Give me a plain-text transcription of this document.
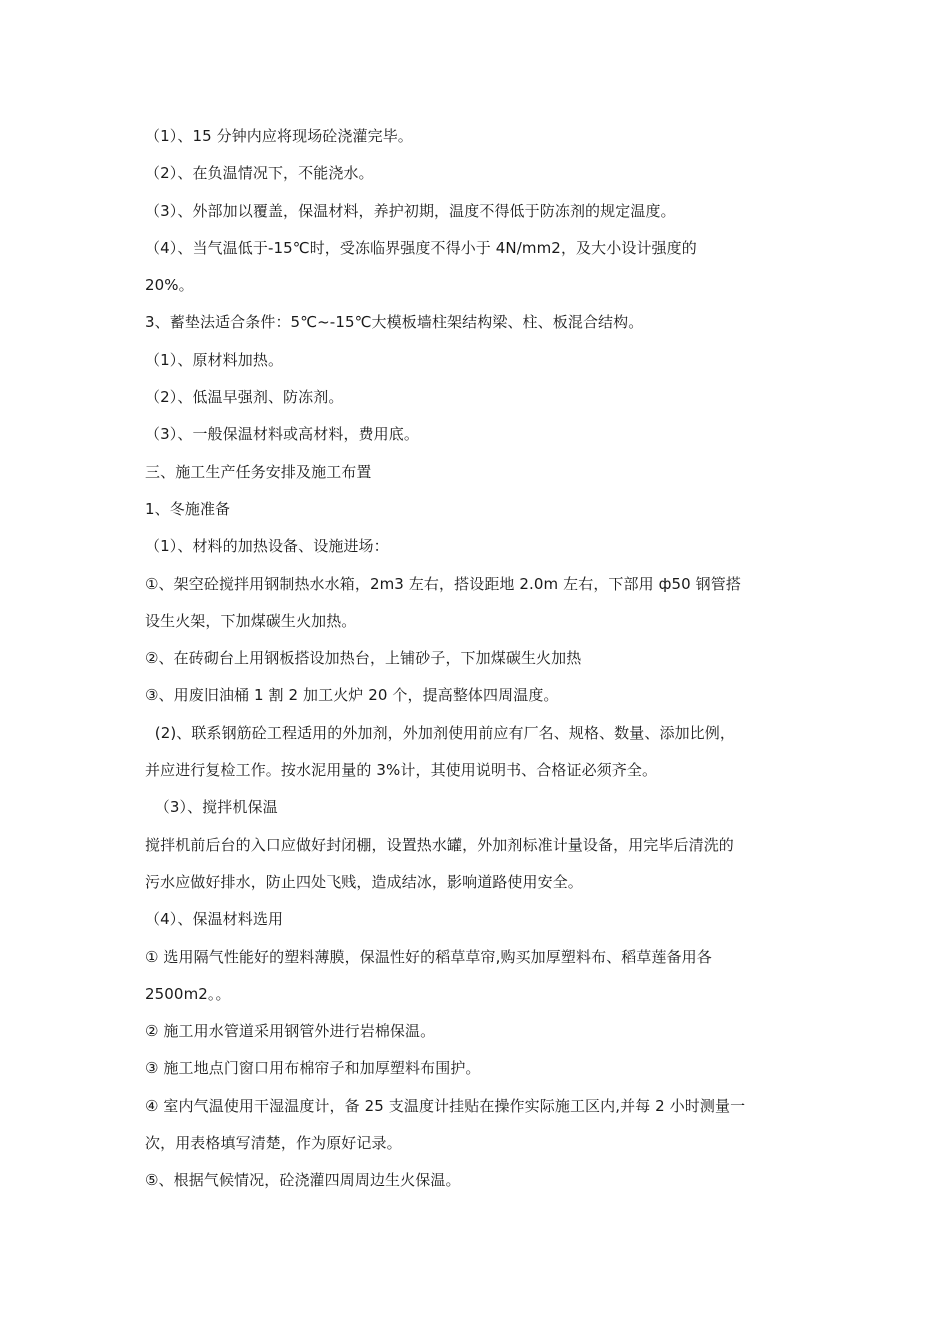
（1）、15 分钟内应将现场砼浇灌完毕。
（2）、在负温情况下，不能浇水。
（3）、外部加以覆盖，保温材料，养护初期，温度不得低于防冻剂的规定温度。
（4）、当气温低于-15℃时，受冻临界强度不得小于 4N/mm2，及大小设计强度的
20%。
3、蓄垫法适合条件：5℃~-15℃大模板墙柱架结构梁、柱、板混合结构。
（1）、原材料加热。
（2）、低温早强剂、防冻剂。
（3）、一般保温材料或高材料，费用底。
三、施工生产任务安排及施工布置
1、冬施准备
（1）、材料的加热设备、设施进场：
①、架空砼搅拌用钢制热水水箱，2m3 左右，搭设距地 2.0m 左右，下部用 ф50 钢管搭
设生火架，下加煤碳生火加热。
②、在砖砌台上用钢板搭设加热台，上铺砂子，下加煤碳生火加热
③、用废旧油桶 1 割 2 加工火炉 20 个，提高整体四周温度。
(2)、联系钢筋砼工程适用的外加剂，外加剂使用前应有厂名、规格、数量、添加比例，
并应进行复检工作。按水泥用量的 3%计，其使用说明书、合格证必须齐全。
（3）、搅拌机保温
搅拌机前后台的入口应做好封闭棚，设置热水罐，外加剂标准计量设备，用完毕后清洗的
污水应做好排水，防止四处飞贱，造成结冰，影响道路使用安全。
（4）、保温材料选用
① 选用隔气性能好的塑料薄膜，保温性好的稻草草帘,购买加厚塑料布、稻草莲备用各
2500m2。。
② 施工用水管道采用钢管外进行岩棉保温。
③ 施工地点门窗口用布棉帘子和加厚塑料布围护。
④ 室内气温使用干湿温度计，备 25 支温度计挂贴在操作实际施工区内,并每 2 小时测量一
次，用表格填写清楚，作为原好记录。
⑤、根据气候情况，砼浇灌四周周边生火保温。
